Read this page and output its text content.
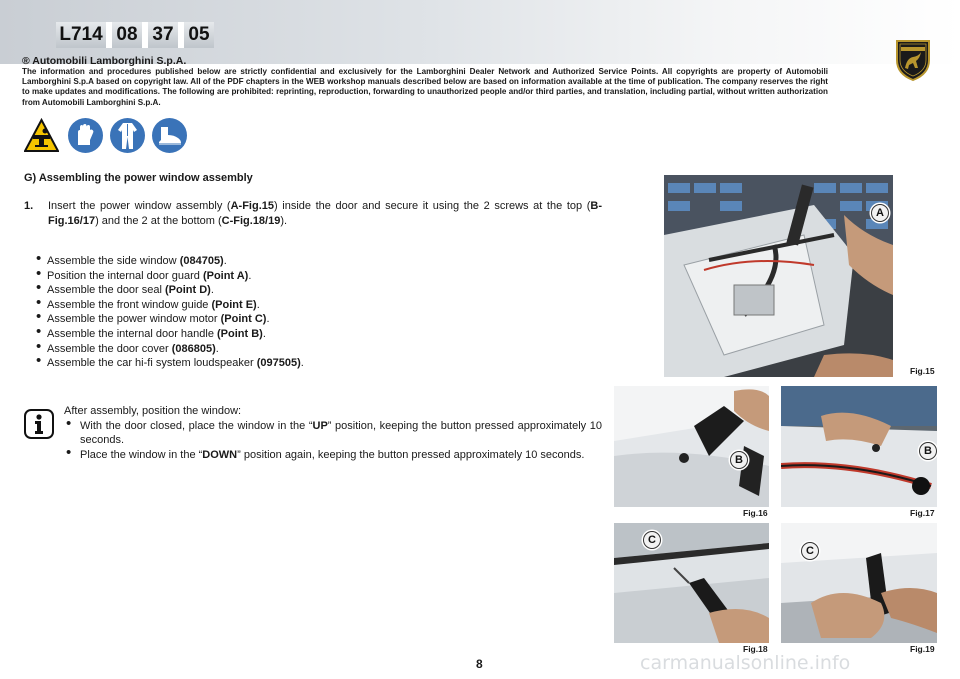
L714 08 37 05
® Automobili Lamborghini S.p.A.
The information and procedures published below are strictly confidential and exclusively for the Lamborghini Dealer Network and Authorized Service Points. All copyrights are property of Automobili Lamborghini S.p.A based on copyright law. All of the PDF chapters in the WEB workshop manuals described below are based on information available at the time of publication. The company reserves the right to make updates and modifications. The following are prohibited: reprinting, reproduction, forwarding to unauthorized people and/or third parties, and translation, including partial, without written authorization from Automobili Lamborghini S.p.A.
G) Assembling the power window assembly
1. Insert the power window assembly (A-Fig.15) inside the door and secure it using the 2 screws at the top (B-Fig.16/17) and the 2 at the bottom (C-Fig.18/19).
• Assemble the side window (084705).
• Position the internal door guard (Point A).
• Assemble the door seal (Point D).
• Assemble the front window guide (Point E).
• Assemble the power window motor (Point C).
• Assemble the internal door handle (Point B).
• Assemble the door cover (086805).
• Assemble the car hi-fi system loudspeaker (097505).
After assembly, position the window:
• With the door closed, place the window in the “UP” position, keeping the button pressed approximately 10 seconds.
• Place the window in the “DOWN” position again, keeping the button pressed approximately 10 seconds.
A
Fig.15
B
Fig.16
B
Fig.17
C
Fig.18
C
Fig.19
8	carmanualsonline.info
